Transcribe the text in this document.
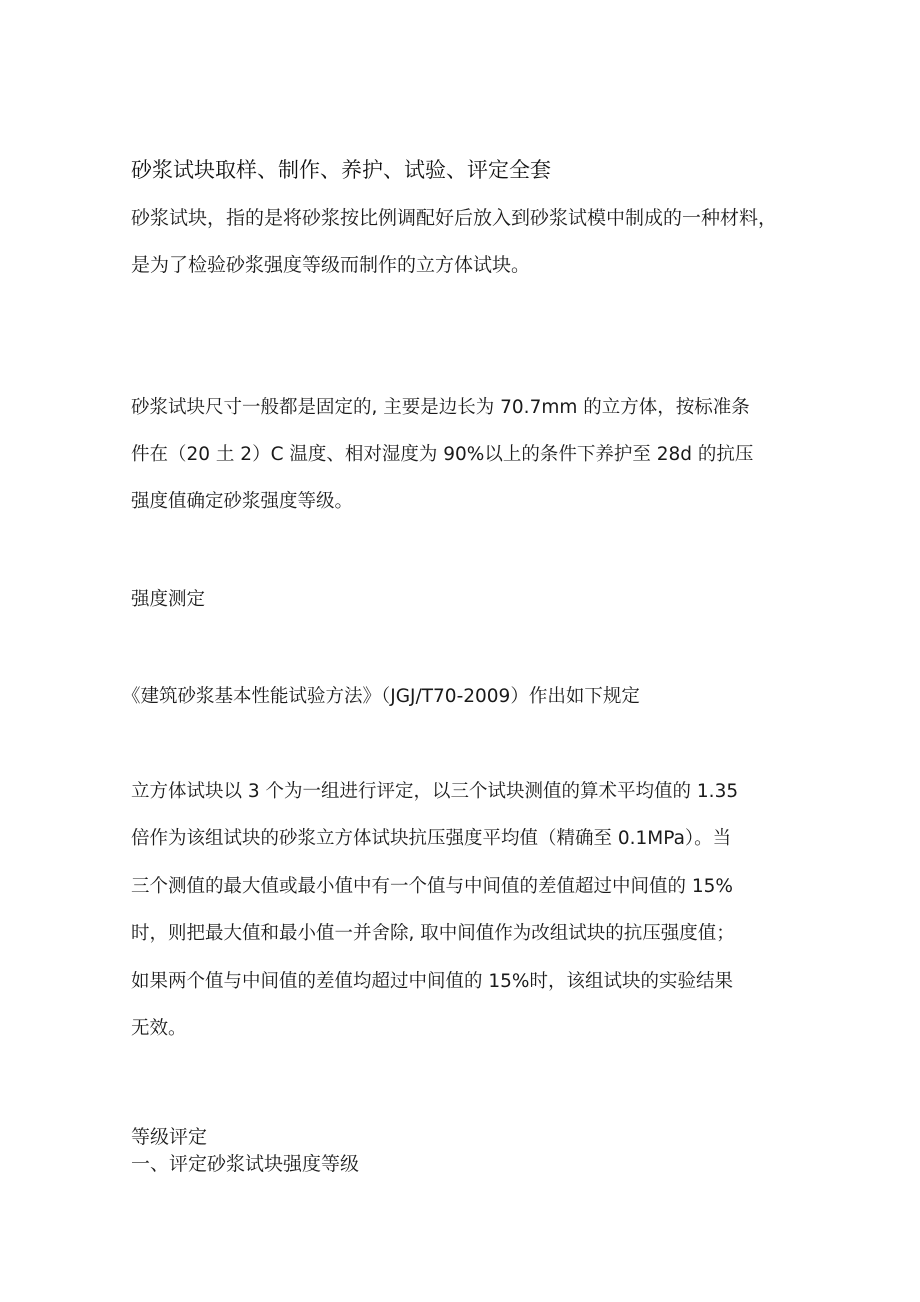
砂浆试块取样、制作、养护、试验、评定全套
砂浆试块，指的是将砂浆按比例调配好后放入到砂浆试模中制成的一种材料，
是为了检验砂浆强度等级而制作的立方体试块。
砂浆试块尺寸一般都是固定的, 主要是边长为 70.7mm 的立方体，按标准条
件在（20 土 2）C 温度、相对湿度为 90%以上的条件下养护至 28d 的抗压
强度值确定砂浆强度等级。
强度测定
《建筑砂浆基本性能试验方法》（JGJ/T70-2009）作出如下规定
立方体试块以 3 个为一组进行评定，以三个试块测值的算术平均值的 1.35
倍作为该组试块的砂浆立方体试块抗压强度平均值（精确至 0.1MPa）。当
三个测值的最大值或最小值中有一个值与中间值的差值超过中间值的 15%
时，则把最大值和最小值一并舍除, 取中间值作为改组试块的抗压强度值；
如果两个值与中间值的差值均超过中间值的 15%时，该组试块的实验结果
无效。
等级评定
一、评定砂浆试块强度等级
